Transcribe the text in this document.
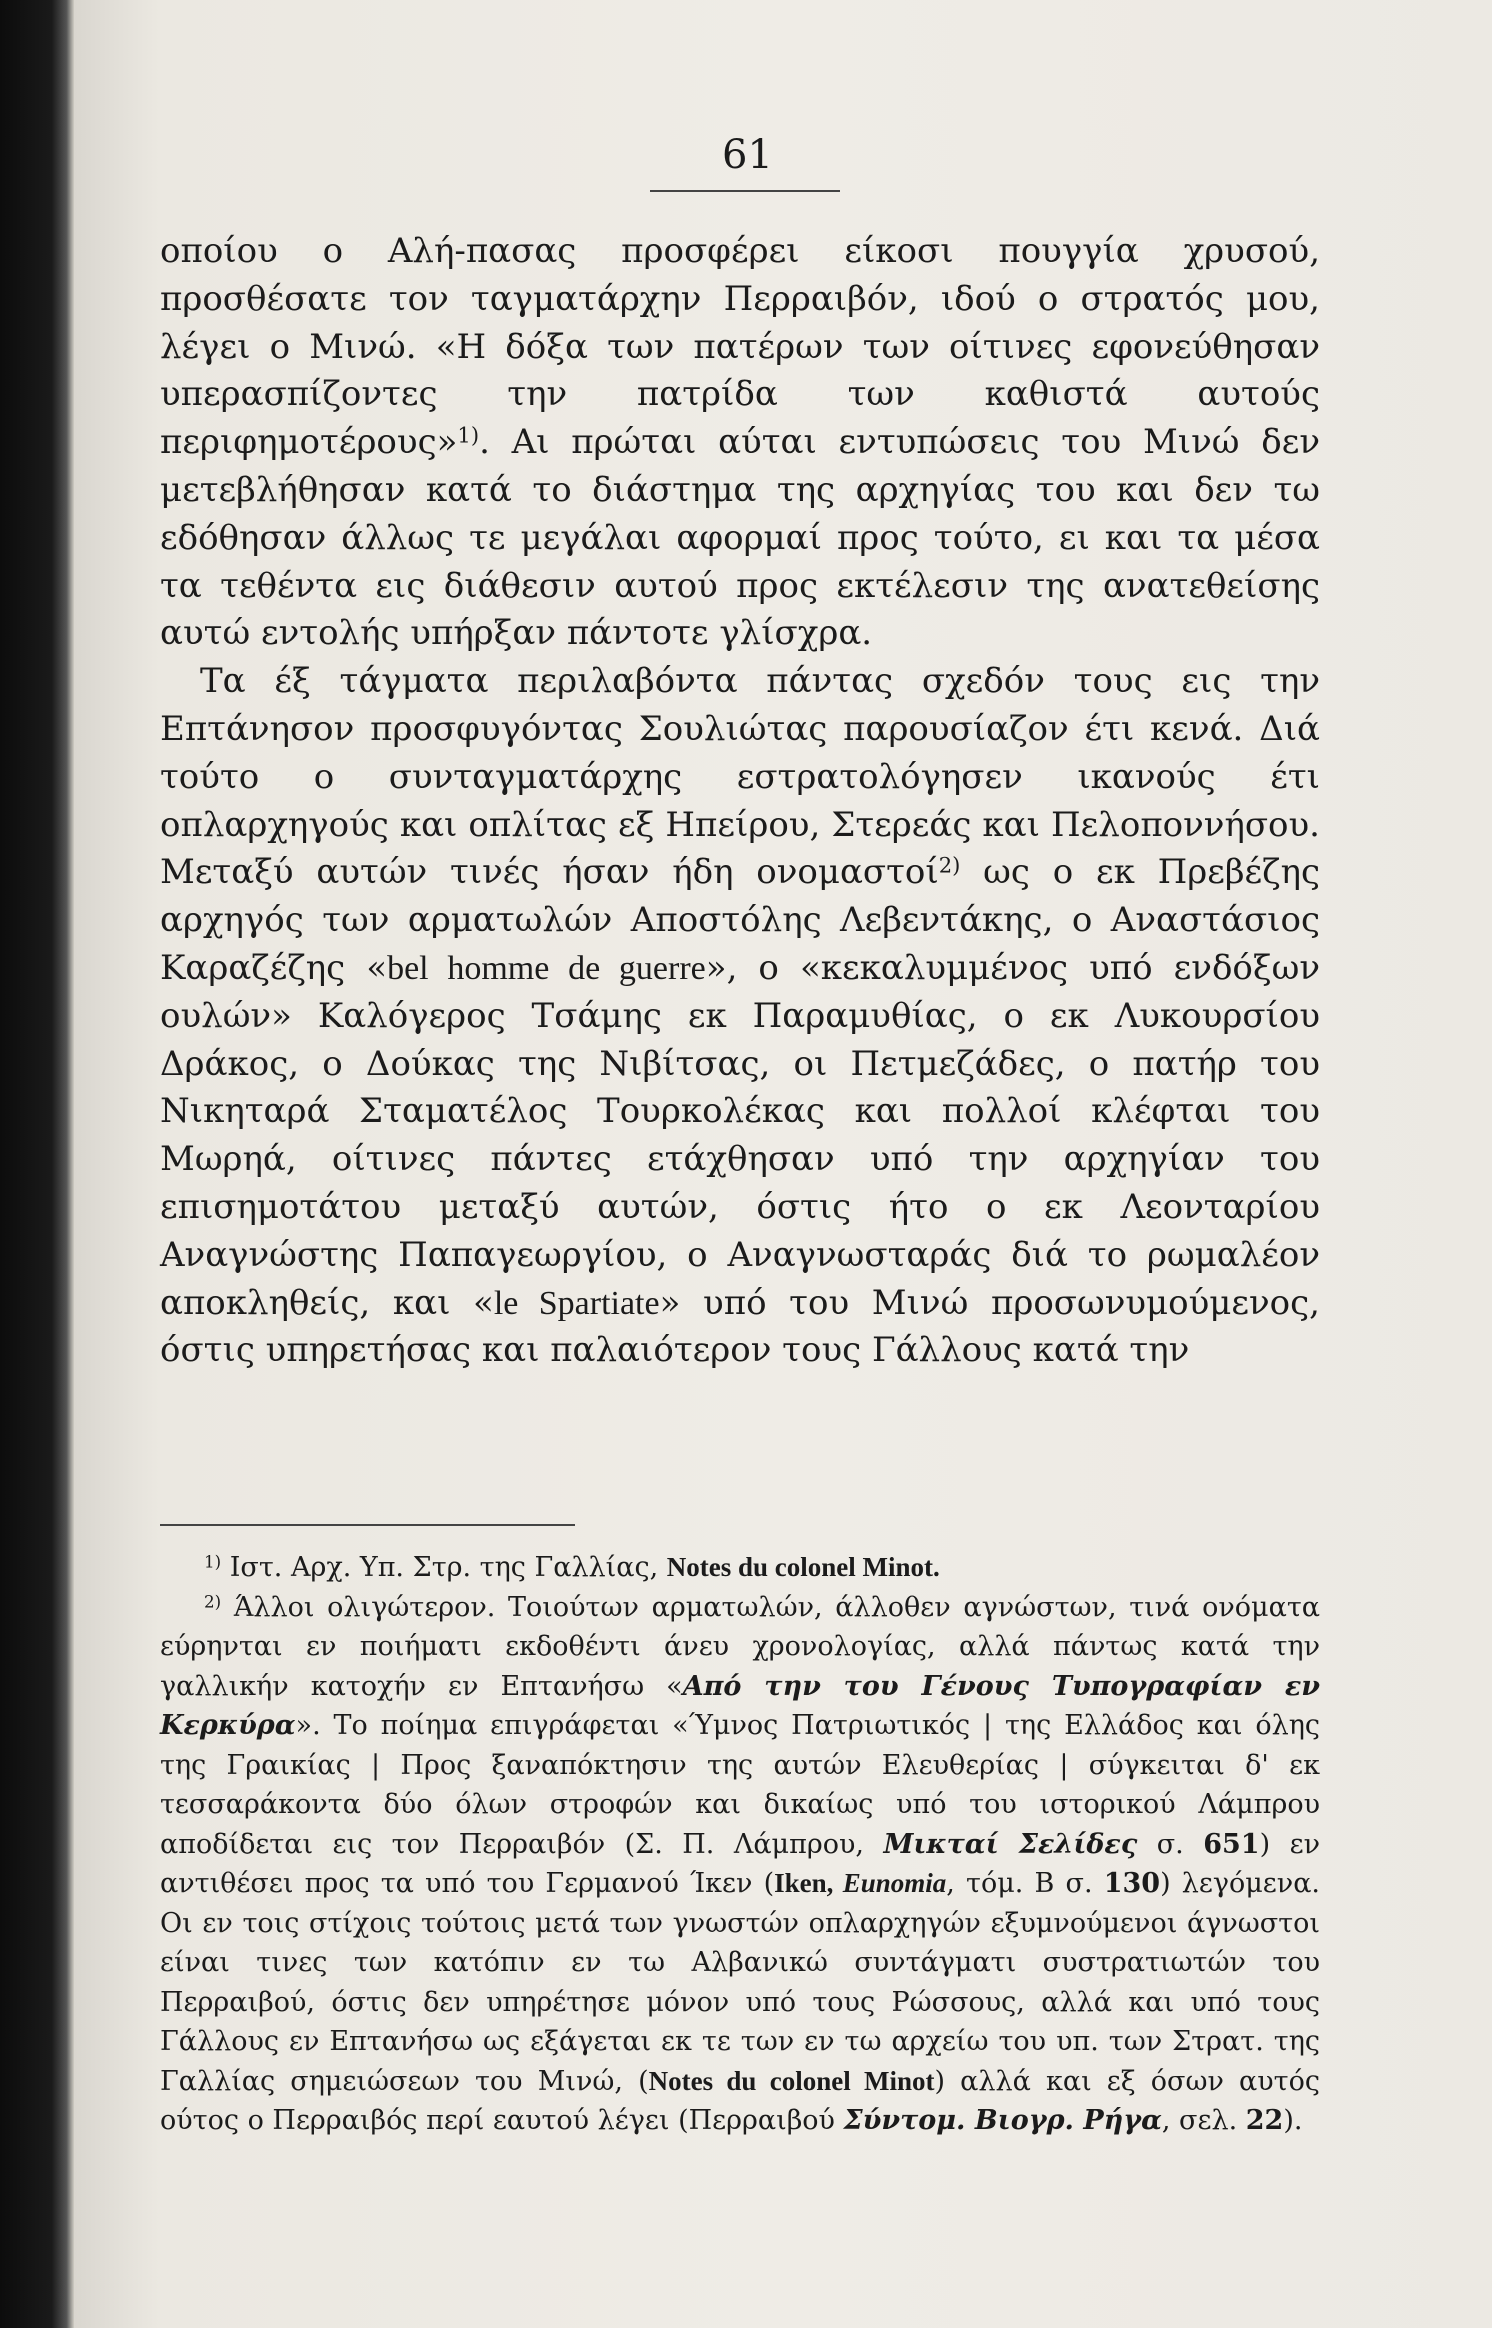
61

οποίου ο Αλή-πασας προσφέρει είκοσι πουγγία χρυσού, προσθέσατε τον ταγματάρχην Περραιβόν, ιδού ο στρατός μου, λέγει ο Μινώ. «Η δόξα των πατέρων των οίτινες εφονεύθησαν υπερασπίζοντες την πατρίδα των καθιστά αυτούς περιφημοτέρους»$^{1)}$. Αι πρώται αύται εντυπώσεις του Μινώ δεν μετεβλήθησαν κατά το διάστημα της αρχηγίας του και δεν τω εδόθησαν άλλως τε μεγάλαι αφορμαί προς τούτο, ει και τα μέσα τα τεθέντα εις διάθεσιν αυτού προς εκτέλεσιν της ανατεθείσης αυτώ εντολής υπήρξαν πάντοτε γλίσχρα.

Τα έξ τάγματα περιλαβόντα πάντας σχεδόν τους εις την Επτάνησον προσφυγόντας Σουλιώτας παρουσίαζον έτι κενά. Διά τούτο ο συνταγματάρχης εστρατολόγησεν ικανούς έτι οπλαρχηγούς και οπλίτας εξ Ηπείρου, Στερεάς και Πελοποννήσου. Μεταξύ αυτών τινές ήσαν ήδη ονομαστοί$^{2)}$ ως ο εκ Πρεβέζης αρχηγός των αρματωλών Αποστόλης Λεβεντάκης, ο Αναστάσιος Καραζέζης «bel homme de guerre», ο «κεκαλυμμένος υπό ενδόξων ουλών» Καλόγερος Τσάμης εκ Παραμυθίας, ο εκ Λυκουρσίου Δράκος, ο Δούκας της Νιβίτσας, οι Πετμεζάδες, ο πατήρ του Νικηταρά Σταματέλος Τουρκολέκας και πολλοί κλέφται του Μωρηά, οίτινες πάντες ετάχθησαν υπό την αρχηγίαν του επισημοτάτου μεταξύ αυτών, όστις ήτο ο εκ Λεονταρίου Αναγνώστης Παπαγεωργίου, ο Αναγνωσταράς διά το ρωμαλέον αποκληθείς, και «le Spartiate» υπό του Μινώ προσωνυμούμενος, όστις υπηρετήσας και παλαιότερον τους Γάλλους κατά την

$^{1)}$ Ιστ. Αρχ. Υπ. Στρ. της Γαλλίας, Notes du colonel Minot.

$^{2)}$ Άλλοι ολιγώτερον. Τοιούτων αρματωλών, άλλοθεν αγνώστων, τινά ονόματα εύρηνται εν ποιήματι εκδοθέντι άνευ χρονολογίας, αλλά πάντως κατά την γαλλικήν κατοχήν εν Επτανήσω «Από την του Γένους Τυπογραφίαν εν Κερκύρα». Το ποίημα επιγράφεται «Ύμνος Πατριωτικός | της Ελλάδος και όλης της Γραικίας | Προς ξαναπόκτησιν της αυτών Ελευθερίας | σύγκειται δ' εκ τεσσαράκοντα δύο όλων στροφών και δικαίως υπό του ιστορικού Λάμπρου αποδίδεται εις τον Περραιβόν (Σ. Π. Λάμπρου, Μικταί Σελίδες σ. 651) εν αντιθέσει προς τα υπό του Γερμανού Ίκεν (Iken, Eunomia, τόμ. Β σ. 130) λεγόμενα. Οι εν τοις στίχοις τούτοις μετά των γνωστών οπλαρχηγών εξυμνούμενοι άγνωστοι είναι τινες των κατόπιν εν τω Αλβανικώ συντάγματι συστρατιωτών του Περραιβού, όστις δεν υπηρέτησε μόνον υπό τους Ρώσσους, αλλά και υπό τους Γάλλους εν Επτανήσω ως εξάγεται εκ τε των εν τω αρχείω του υπ. των Στρατ. της Γαλλίας σημειώσεων του Μινώ, (Notes du colonel Minot) αλλά και εξ όσων αυτός ούτος ο Περραιβός περί εαυτού λέγει (Περραιβού Σύντομ. Βιογρ. Ρήγα, σελ. 22).
